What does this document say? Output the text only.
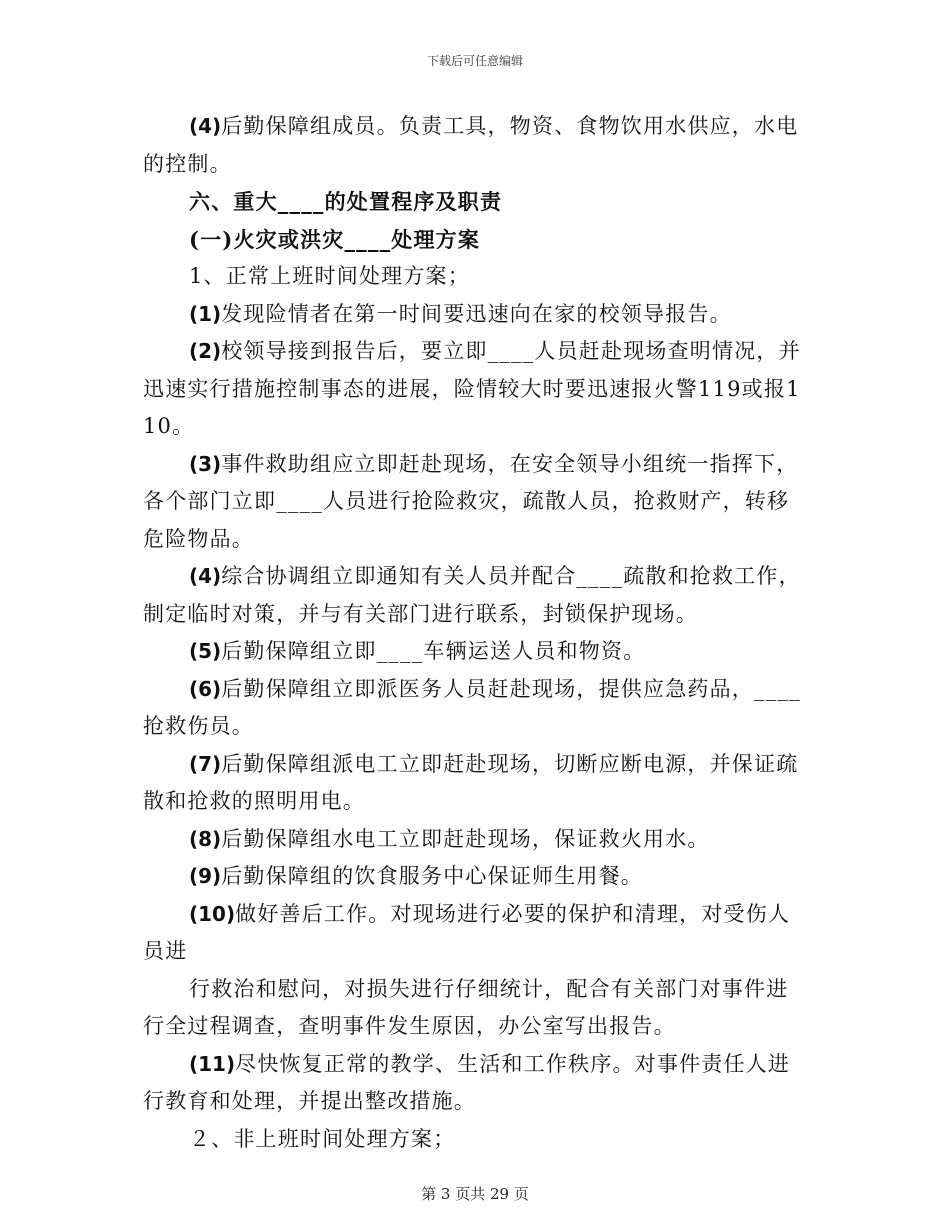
下载后可任意编辑

(4)后勤保障组成员。负责工具，物资、食物饮用水供应，水电的控制。

六、重大____的处置程序及职责

(一)火灾或洪灾____处理方案

1、正常上班时间处理方案；

(1)发现险情者在第一时间要迅速向在家的校领导报告。

(2)校领导接到报告后，要立即____人员赶赴现场查明情况，并迅速实行措施控制事态的进展，险情较大时要迅速报火警119或报110。

(3)事件救助组应立即赶赴现场，在安全领导小组统一指挥下，各个部门立即____人员进行抢险救灾，疏散人员，抢救财产，转移危险物品。

(4)综合协调组立即通知有关人员并配合____疏散和抢救工作，制定临时对策，并与有关部门进行联系，封锁保护现场。

(5)后勤保障组立即____车辆运送人员和物资。

(6)后勤保障组立即派医务人员赶赴现场，提供应急药品，____抢救伤员。

(7)后勤保障组派电工立即赶赴现场，切断应断电源，并保证疏散和抢救的照明用电。

(8)后勤保障组水电工立即赶赴现场，保证救火用水。

(9)后勤保障组的饮食服务中心保证师生用餐。

(10)做好善后工作。对现场进行必要的保护和清理，对受伤人员进

行救治和慰问，对损失进行仔细统计，配合有关部门对事件进行全过程调查，查明事件发生原因，办公室写出报告。

(11)尽快恢复正常的教学、生活和工作秩序。对事件责任人进行教育和处理，并提出整改措施。

２、非上班时间处理方案；

第 3 页共 29 页
